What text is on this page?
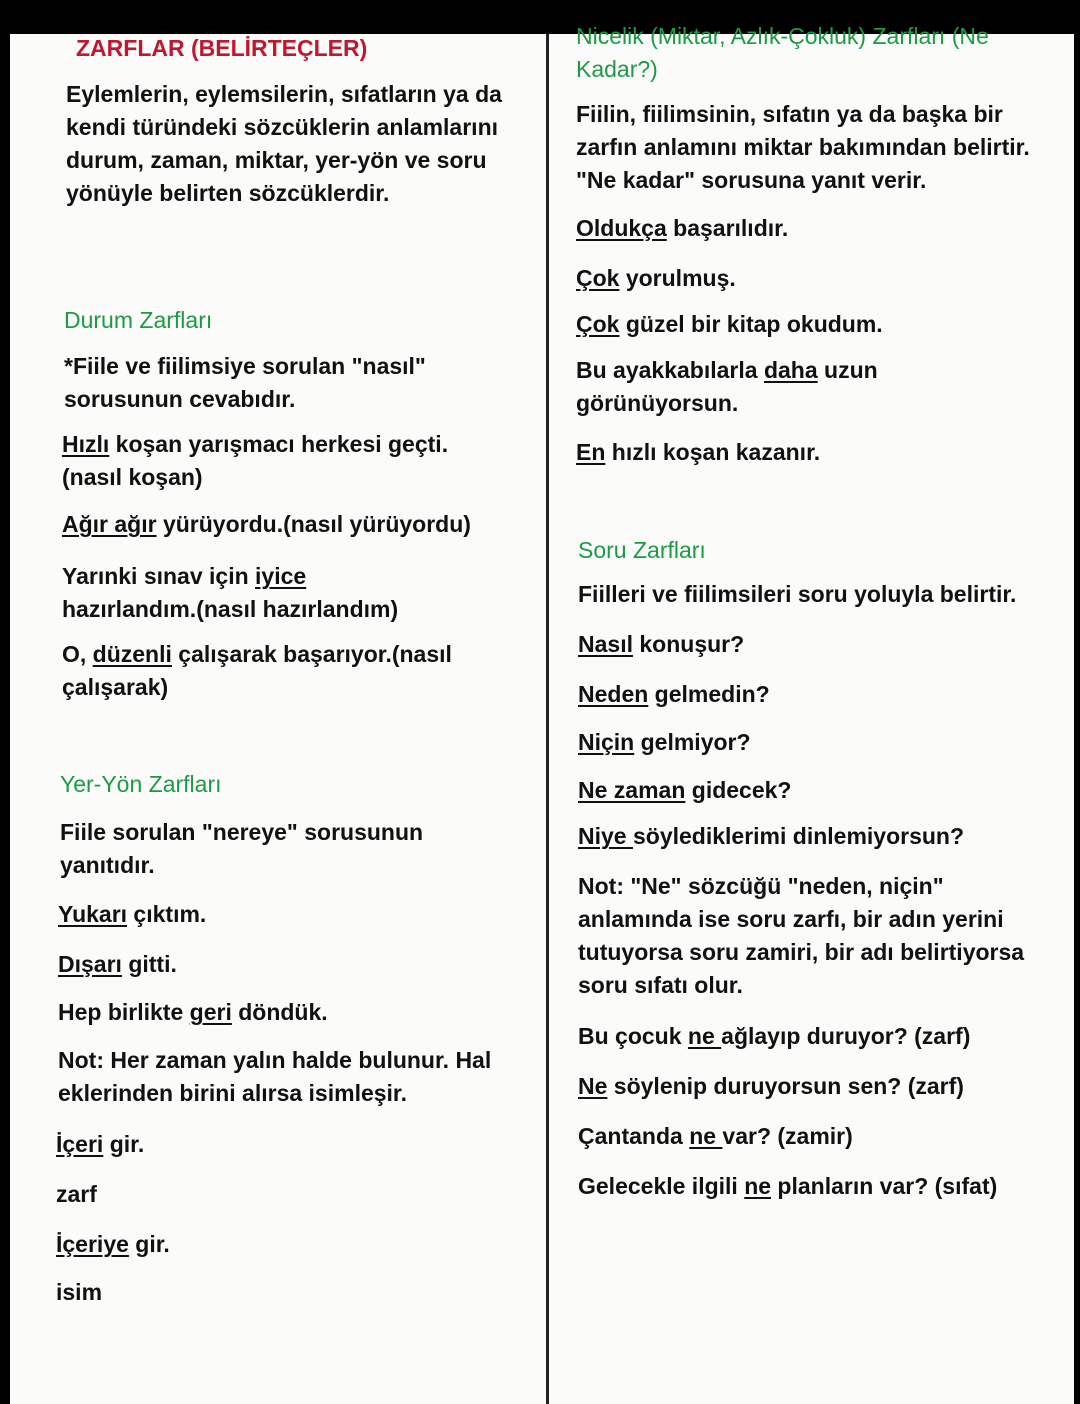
ZARFLAR (BELİRTEÇLER)

Eylemlerin, eylemsilerin, sıfatların ya da kendi türündeki sözcüklerin anlamlarını durum, zaman, miktar, yer-yön ve soru yönüyle belirten sözcüklerdir.

Durum Zarfları

*Fiile ve fiilimsiye sorulan "nasıl" sorusunun cevabıdır.

Hızlı koşan yarışmacı herkesi geçti.(nasıl koşan)

Ağır ağır yürüyordu.(nasıl yürüyordu)

Yarınki sınav için iyice hazırlandım.(nasıl hazırlandım)

O, düzenli çalışarak başarıyor.(nasıl çalışarak)

Yer-Yön Zarfları

Fiile sorulan "nereye" sorusunun yanıtıdır.

Yukarı çıktım.

Dışarı gitti.

Hep birlikte geri döndük.

Not: Her zaman yalın halde bulunur. Hal eklerinden birini alırsa isimleşir.

İçeri gir.

zarf

İçeriye gir.

isim

Nicelik (Miktar, Azlık-Çokluk) Zarfları (Ne Kadar?)

Fiilin, fiilimsinin, sıfatın ya da başka bir zarfın anlamını miktar bakımından belirtir. "Ne kadar" sorusuna yanıt verir.

Oldukça başarılıdır.

Çok yorulmuş.

Çok güzel bir kitap okudum.

Bu ayakkabılarla daha uzun görünüyorsun.

En hızlı koşan kazanır.

Soru Zarfları

Fiilleri ve fiilimsileri soru yoluyla belirtir.

Nasıl konuşur?

Neden gelmedin?

Niçin gelmiyor?

Ne zaman gidecek?

Niye söylediklerimi dinlemiyorsun?

Not: "Ne" sözcüğü "neden, niçin" anlamında ise soru zarfı, bir adın yerini tutuyorsa soru zamiri, bir adı belirtiyorsa soru sıfatı olur.

Bu çocuk ne ağlayıp duruyor? (zarf)

Ne söylenip duruyorsun sen? (zarf)

Çantanda ne var? (zamir)

Gelecekle ilgili ne planların var? (sıfat)
